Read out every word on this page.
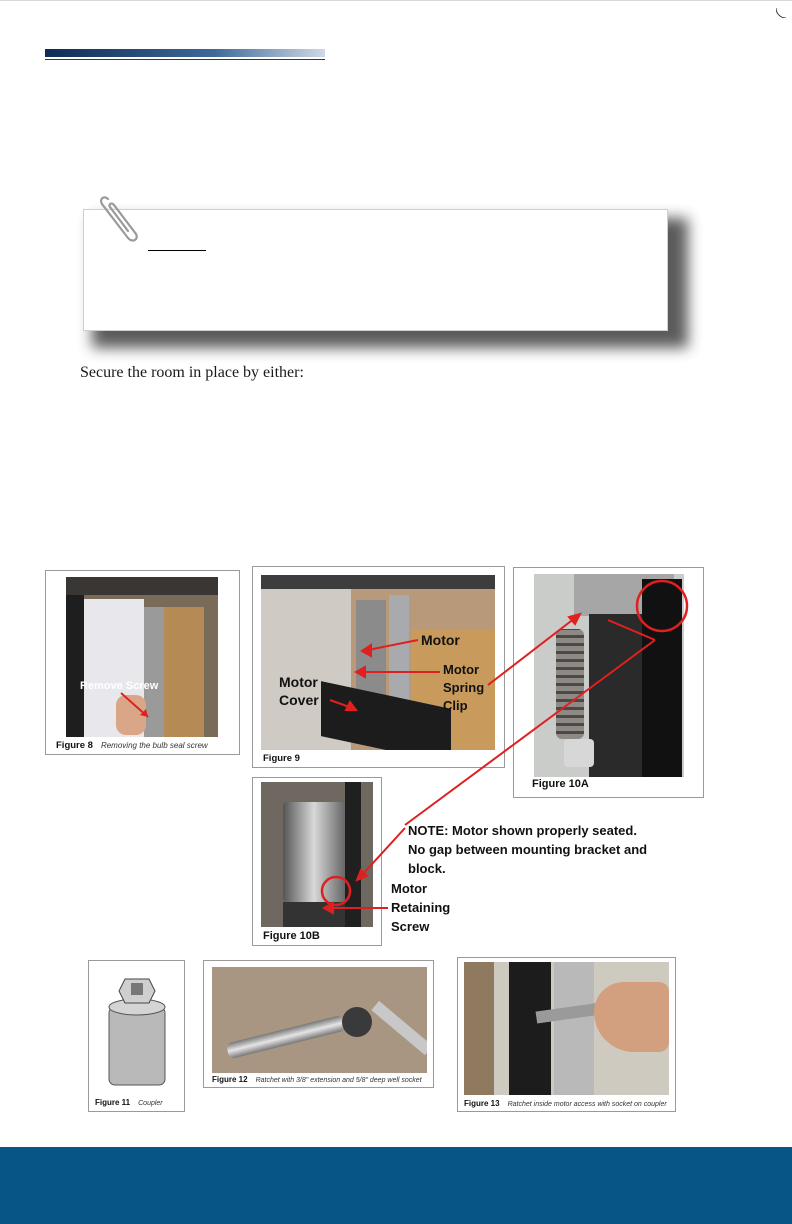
Secure the room in place by either:
Remove Screw
Figure 8 Removing the bulb seal screw
Motor
Motor
Cover
Motor
Spring
Clip
Figure 9
Figure 10A
Figure 10B
NOTE: Motor shown properly seated.
No gap between mounting bracket and
block.
Motor
Retaining
Screw
Figure 11 Coupler
Figure 12 Ratchet with 3/8" extension and 5/8" deep well socket
Figure 13 Ratchet inside motor access with socket on coupler
